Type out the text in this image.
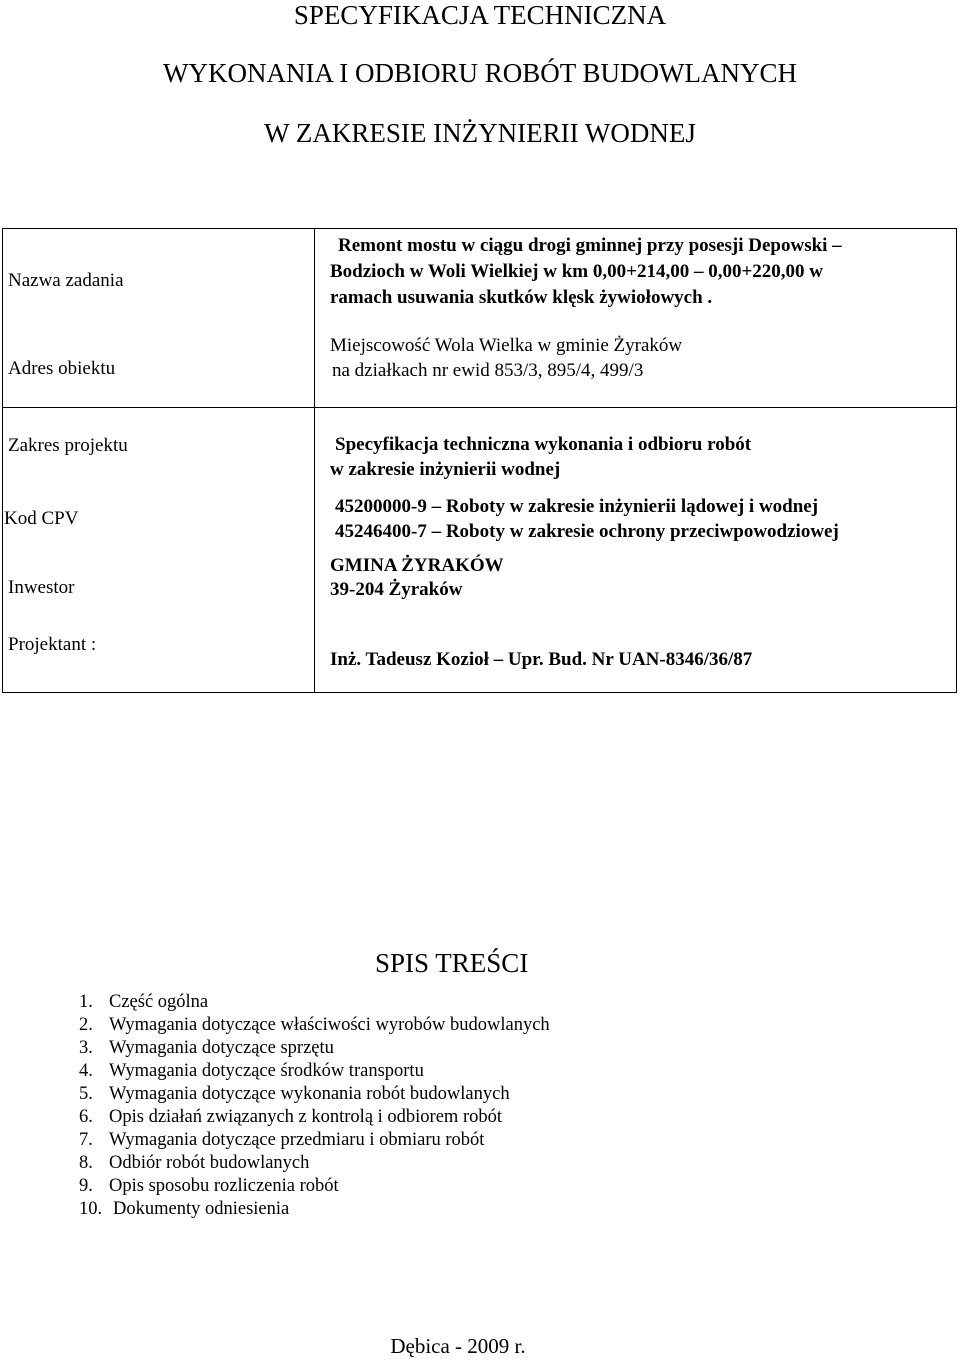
SPECYFIKACJA TECHNICZNA
WYKONANIA I ODBIORU ROBÓT BUDOWLANYCH
W ZAKRESIE INŻYNIERII WODNEJ
Nazwa zadania
Remont mostu w ciągu drogi gminnej przy posesji Depowski –
Bodzioch w Woli Wielkiej w km 0,00+214,00 – 0,00+220,00 w
ramach usuwania skutków klęsk żywiołowych .
Adres obiektu
Miejscowość Wola Wielka w gminie Żyraków
na działkach nr ewid 853/3, 895/4, 499/3
Zakres projektu	Specyfikacja techniczna wykonania i odbioru robót
w zakresie inżynierii wodnej
Kod CPV
45200000-9 – Roboty w zakresie inżynierii lądowej i wodnej
45246400-7 – Roboty w zakresie ochrony przeciwpowodziowej
Inwestor
GMINA ŻYRAKÓW
39-204 Żyraków
Projektant :
Inż. Tadeusz Kozioł – Upr. Bud. Nr UAN-8346/36/87
SPIS TREŚCI
1. Część ogólna
2. Wymagania dotyczące właściwości wyrobów budowlanych
3. Wymagania dotyczące sprzętu
4. Wymagania dotyczące środków transportu
5. Wymagania dotyczące wykonania robót budowlanych
6. Opis działań związanych z kontrolą i odbiorem robót
7. Wymagania dotyczące przedmiaru i obmiaru robót
8. Odbiór robót budowlanych
9. Opis sposobu rozliczenia robót
10. Dokumenty odniesienia
Dębica - 2009 r.
